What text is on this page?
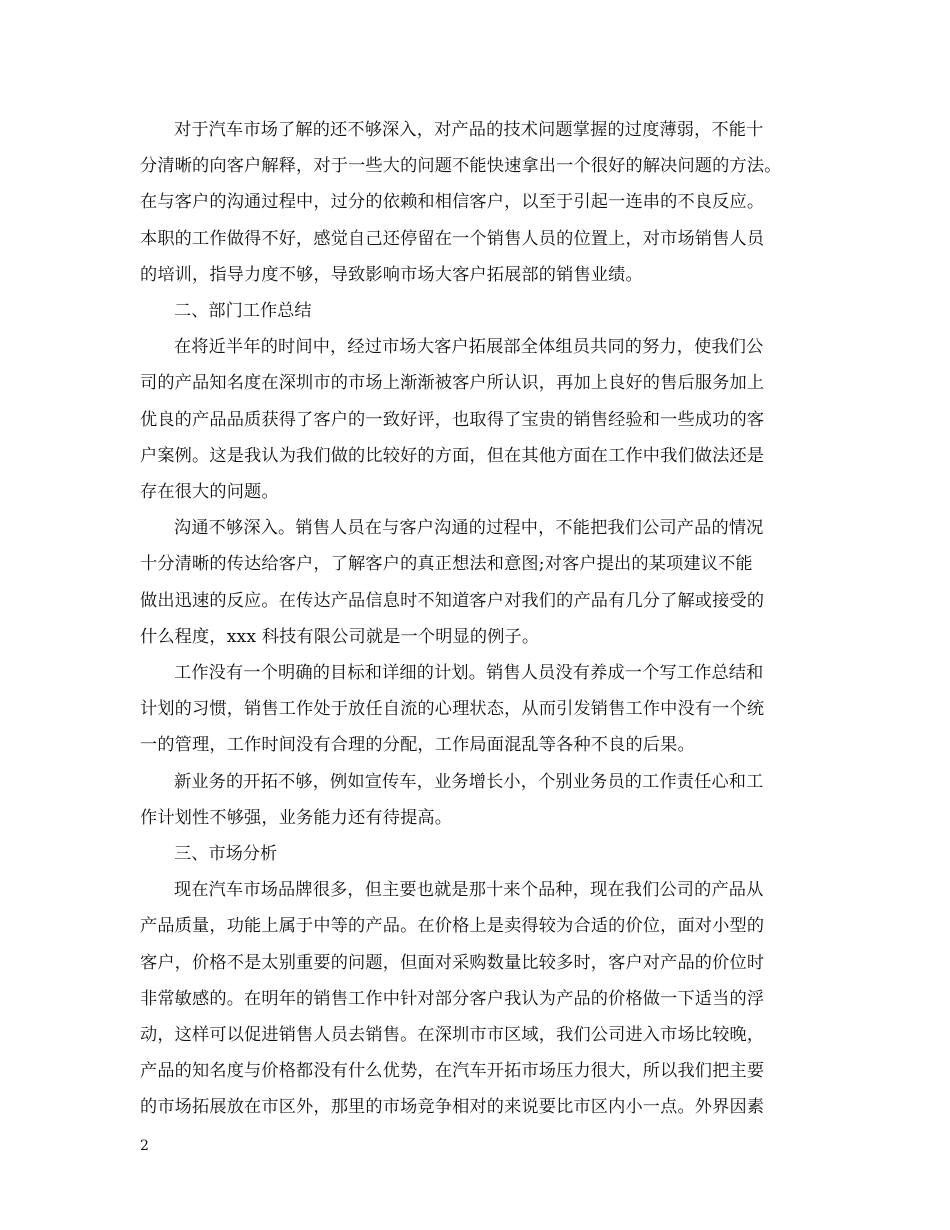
对于汽车市场了解的还不够深入，对产品的技术问题掌握的过度薄弱，不能十
分清晰的向客户解释，对于一些大的问题不能快速拿出一个很好的解决问题的方法。
在与客户的沟通过程中，过分的依赖和相信客户，以至于引起一连串的不良反应。
本职的工作做得不好，感觉自己还停留在一个销售人员的位置上，对市场销售人员
的培训，指导力度不够，导致影响市场大客户拓展部的销售业绩。

二、部门工作总结

在将近半年的时间中，经过市场大客户拓展部全体组员共同的努力，使我们公
司的产品知名度在深圳市的市场上渐渐被客户所认识，再加上良好的售后服务加上
优良的产品品质获得了客户的一致好评，也取得了宝贵的销售经验和一些成功的客
户案例。这是我认为我们做的比较好的方面，但在其他方面在工作中我们做法还是
存在很大的问题。

沟通不够深入。销售人员在与客户沟通的过程中，不能把我们公司产品的情况
十分清晰的传达给客户，了解客户的真正想法和意图;对客户提出的某项建议不能
做出迅速的反应。在传达产品信息时不知道客户对我们的产品有几分了解或接受的
什么程度，xxx 科技有限公司就是一个明显的例子。

工作没有一个明确的目标和详细的计划。销售人员没有养成一个写工作总结和
计划的习惯，销售工作处于放任自流的心理状态，从而引发销售工作中没有一个统
一的管理，工作时间没有合理的分配，工作局面混乱等各种不良的后果。

新业务的开拓不够，例如宣传车，业务增长小，个别业务员的工作责任心和工
作计划性不够强，业务能力还有待提高。

三、市场分析

现在汽车市场品牌很多，但主要也就是那十来个品种，现在我们公司的产品从
产品质量，功能上属于中等的产品。在价格上是卖得较为合适的价位，面对小型的
客户，价格不是太别重要的问题，但面对采购数量比较多时，客户对产品的价位时
非常敏感的。在明年的销售工作中针对部分客户我认为产品的价格做一下适当的浮
动，这样可以促进销售人员去销售。在深圳市市区域，我们公司进入市场比较晚，
产品的知名度与价格都没有什么优势，在汽车开拓市场压力很大，所以我们把主要
的市场拓展放在市区外，那里的市场竞争相对的来说要比市区内小一点。外界因素

2
